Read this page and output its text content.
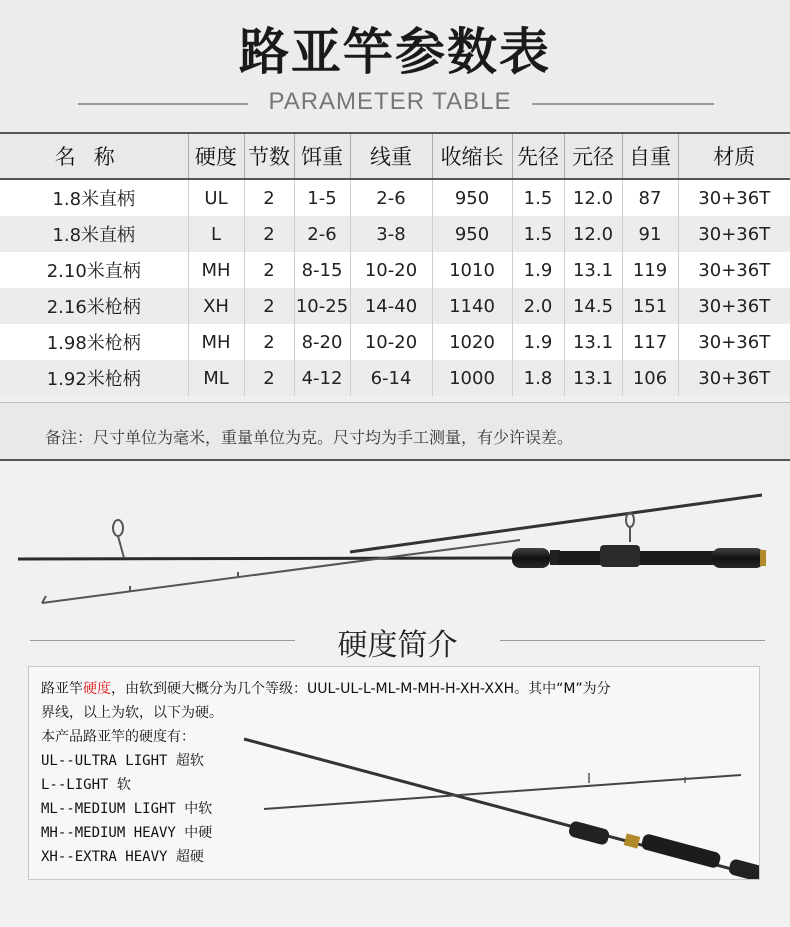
路亚竿参数表
PARAMETER TABLE
名称	硬度	节数	饵重	线重	收缩长	先径	元径	自重	材质
1.8米直柄	UL	2	1-5	2-6	950	1.5	12.0	87	30+36T
1.8米直柄	L	2	2-6	3-8	950	1.5	12.0	91	30+36T
2.10米直柄	MH	2	8-15	10-20	1010	1.9	13.1	119	30+36T
2.16米枪柄	XH	2	10-25	14-40	1140	2.0	14.5	151	30+36T
1.98米枪柄	MH	2	8-20	10-20	1020	1.9	13.1	117	30+36T
1.92米枪柄	ML	2	4-12	6-14	1000	1.8	13.1	106	30+36T
备注：尺寸单位为毫米，重量单位为克。尺寸均为手工测量，有少许误差。
硬度简介
路亚竿硬度，由软到硬大概分为几个等级：UUL-UL-L-ML-M-MH-H-XH-XXH。其中“M”为分
界线，以上为软，以下为硬。
本产品路亚竿的硬度有：
UL--ULTRA LIGHT 超软
L--LIGHT 软
ML--MEDIUM LIGHT 中软
MH--MEDIUM HEAVY 中硬
XH--EXTRA HEAVY 超硬
